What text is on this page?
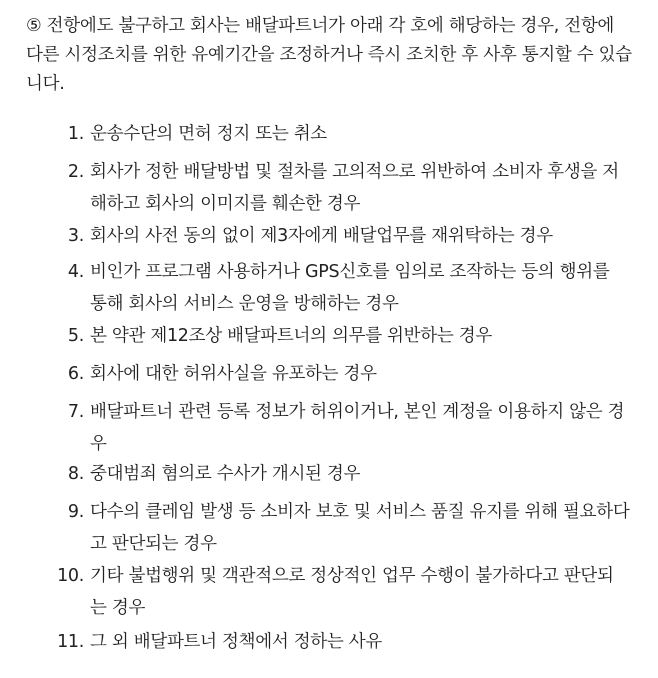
⑤ 전항에도 불구하고 회사는 배달파트너가 아래 각 호에 해당하는 경우, 전항에 다른 시정조치를 위한 유예기간을 조정하거나 즉시 조치한 후 사후 통지할 수 있습니다.

1. 운송수단의 면허 정지 또는 취소
2. 회사가 정한 배달방법 및 절차를 고의적으로 위반하여 소비자 후생을 저해하고 회사의 이미지를 훼손한 경우
3. 회사의 사전 동의 없이 제3자에게 배달업무를 재위탁하는 경우
4. 비인가 프로그램 사용하거나 GPS신호를 임의로 조작하는 등의 행위를 통해 회사의 서비스 운영을 방해하는 경우
5. 본 약관 제12조상 배달파트너의 의무를 위반하는 경우
6. 회사에 대한 허위사실을 유포하는 경우
7. 배달파트너 관련 등록 정보가 허위이거나, 본인 계정을 이용하지 않은 경우
8. 중대범죄 혐의로 수사가 개시된 경우
9. 다수의 클레임 발생 등 소비자 보호 및 서비스 품질 유지를 위해 필요하다고 판단되는 경우
10. 기타 불법행위 및 객관적으로 정상적인 업무 수행이 불가하다고 판단되는 경우
11. 그 외 배달파트너 정책에서 정하는 사유
